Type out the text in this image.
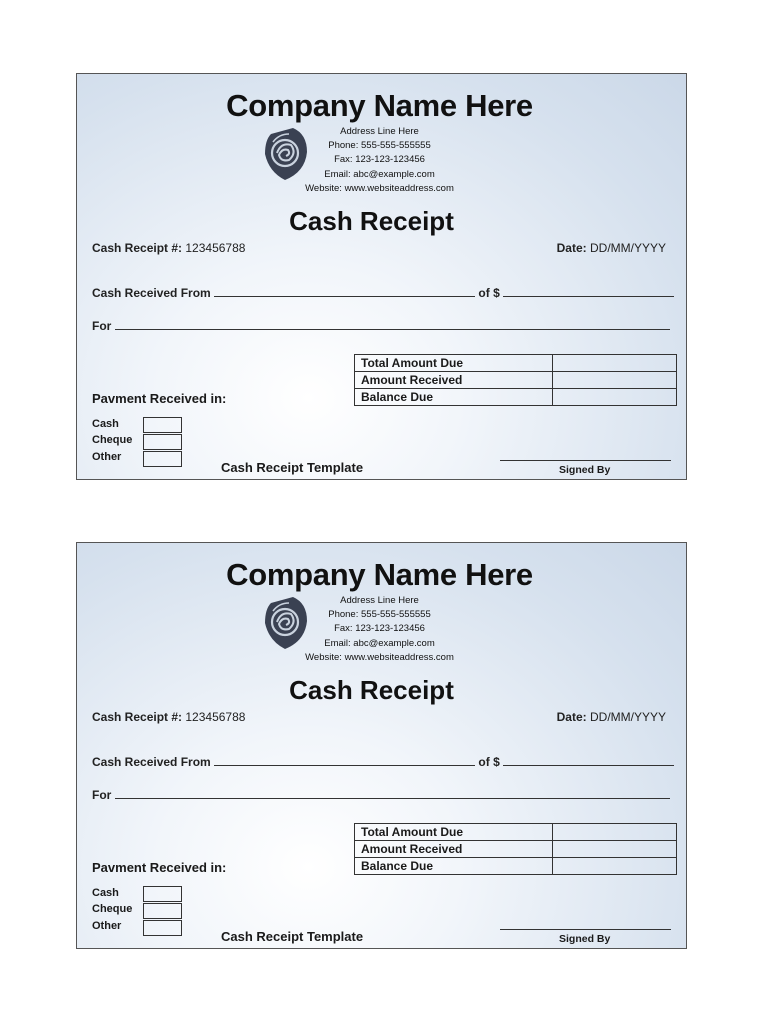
Company Name Here
Address Line Here
Phone: 555-555-555555
Fax: 123-123-123456
Email: abc@example.com
Website: www.websiteaddress.com
Cash Receipt
Cash Receipt #: 123456788	Date: DD/MM/YYYY
Cash Received From	of $
For
Total Amount Due	
Amount Received	
Balance Due	
Pavment Received in:
Cash
Cheque
Other
Cash Receipt Template	Signed By
Company Name Here
Address Line Here
Phone: 555-555-555555
Fax: 123-123-123456
Email: abc@example.com
Website: www.websiteaddress.com
Cash Receipt
Cash Receipt #: 123456788	Date: DD/MM/YYYY
Cash Received From	of $
For
Total Amount Due	
Amount Received	
Balance Due	
Pavment Received in:
Cash
Cheque
Other
Cash Receipt Template	Signed By
